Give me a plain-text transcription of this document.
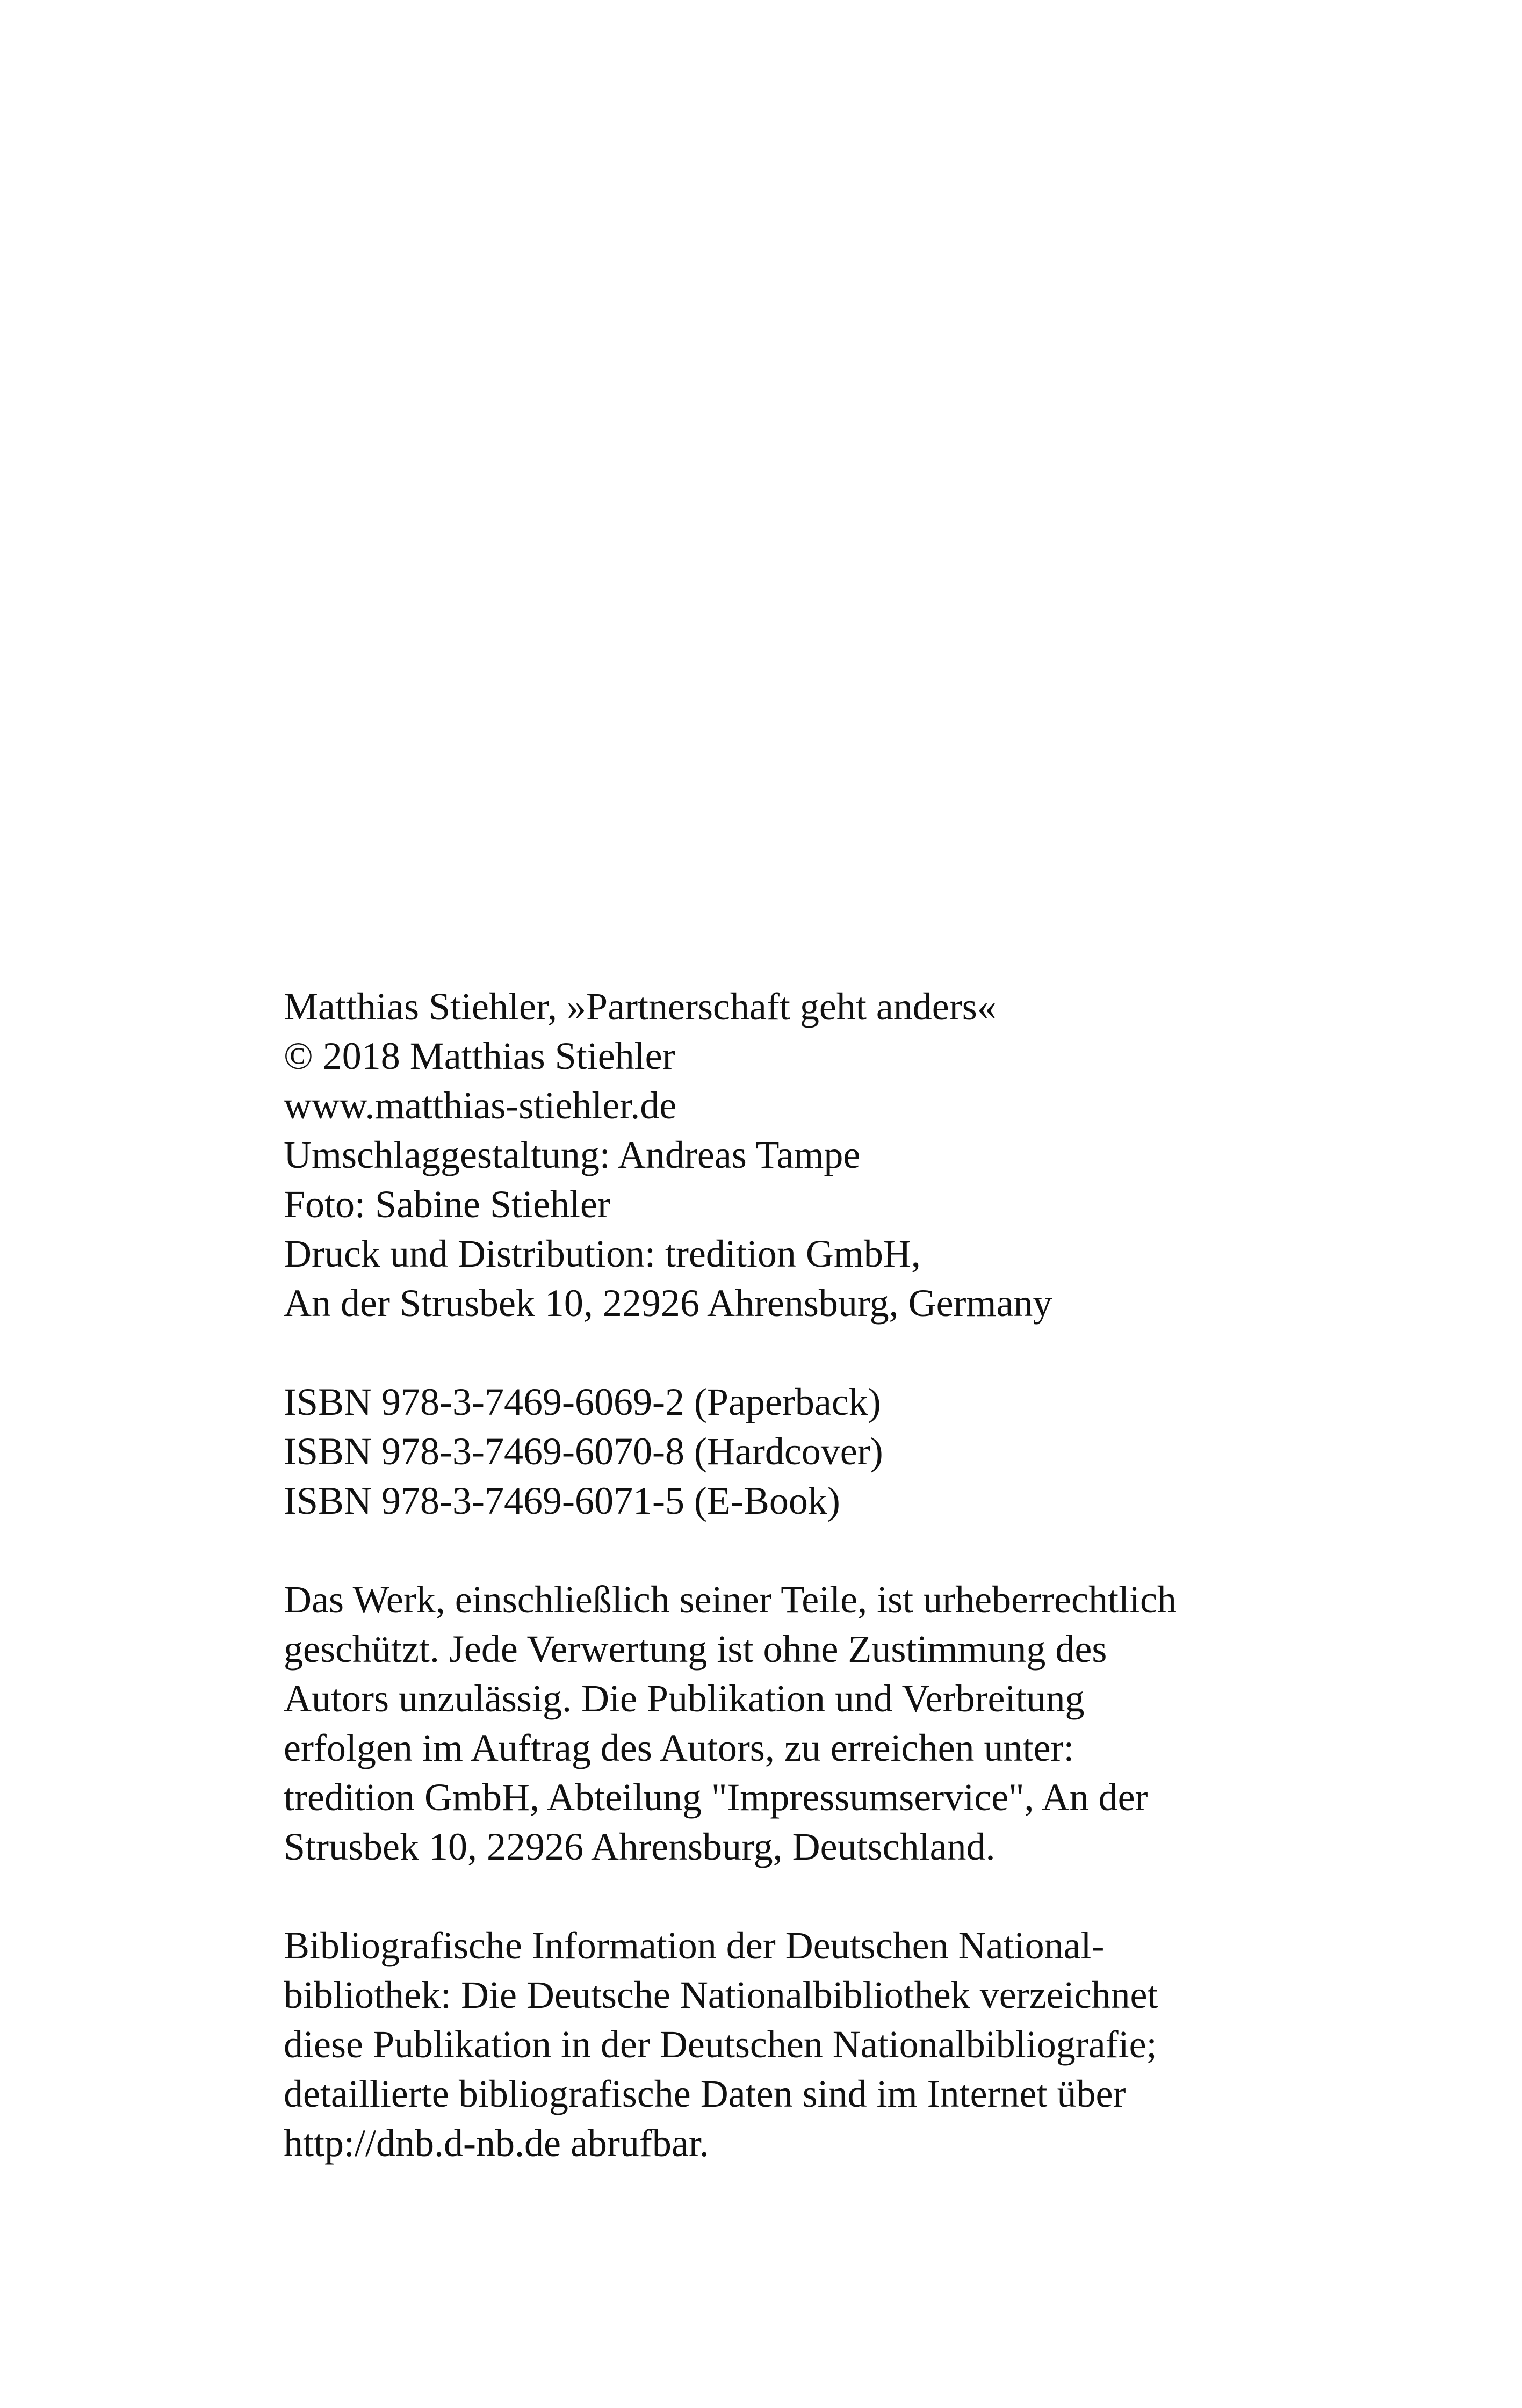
Matthias Stiehler, »Partnerschaft geht anders«
© 2018 Matthias Stiehler
www.matthias-stiehler.de
Umschlaggestaltung: Andreas Tampe
Foto: Sabine Stiehler
Druck und Distribution: tredition GmbH,
An der Strusbek 10, 22926 Ahrensburg, Germany
ISBN 978-3-7469-6069-2 (Paperback)
ISBN 978-3-7469-6070-8 (Hardcover)
ISBN 978-3-7469-6071-5 (E-Book)
Das Werk, einschließlich seiner Teile, ist urheberrechtlich
geschützt. Jede Verwertung ist ohne Zustimmung des
Autors unzulässig. Die Publikation und Verbreitung
erfolgen im Auftrag des Autors, zu erreichen unter:
tredition GmbH, Abteilung "Impressumservice", An der
Strusbek 10, 22926 Ahrensburg, Deutschland.
Bibliografische Information der Deutschen National-
bibliothek: Die Deutsche Nationalbibliothek verzeichnet
diese Publikation in der Deutschen Nationalbibliografie;
detaillierte bibliografische Daten sind im Internet über
http://dnb.d-nb.de abrufbar.
